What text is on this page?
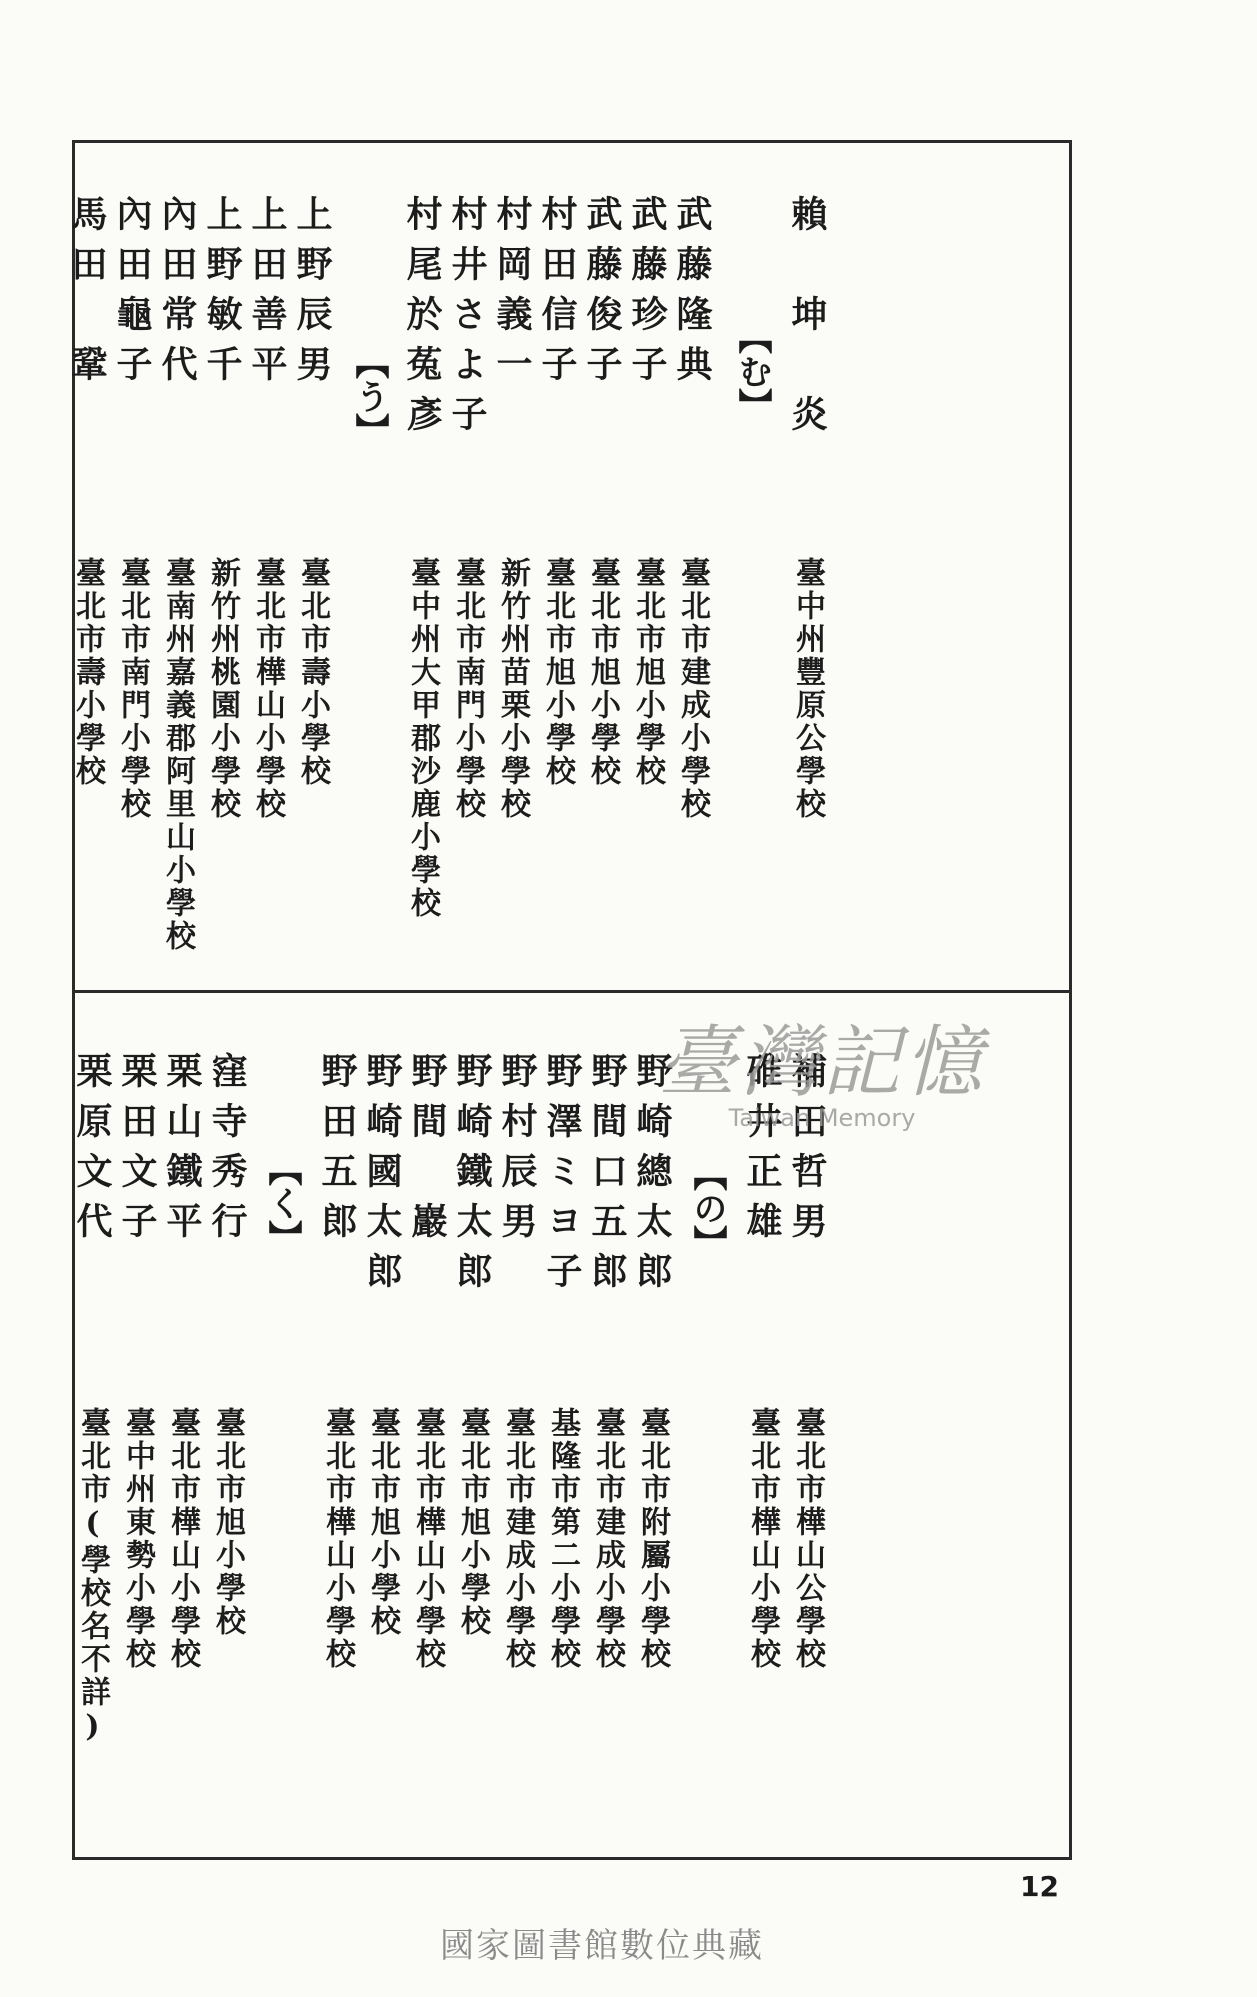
賴　坤　炎
臺中州豐原公學校
【む】
武藤隆典
臺北市建成小學校
武藤珍子
臺北市旭小學校
武藤俊子
臺北市旭小學校
村田信子
臺北市旭小學校
村岡義一
新竹州苗栗小學校
村井さよ子
臺北市南門小學校
村尾於菟彥
臺中州大甲郡沙鹿小學校
【う】
上野辰男
臺北市壽小學校
上田善平
臺北市樺山小學校
上野敏千
新竹州桃園小學校
內田常代
臺南州嘉義郡阿里山小學校
內田龜子
臺北市南門小學校
馬田　鞏
臺北市壽小學校
補田哲男
臺北市樺山公學校
碓井正雄
臺北市樺山小學校
【の】
野崎總太郎
臺北市附屬小學校
野間口五郎
臺北市建成小學校
野澤ミヨ子
基隆市第二小學校
野村辰男
臺北市建成小學校
野崎鐵太郎
臺北市旭小學校
野間　巖
臺北市樺山小學校
野崎國太郎
臺北市旭小學校
野田五郎
臺北市樺山小學校
【く】
窪寺秀行
臺北市旭小學校
栗山鐵平
臺北市樺山小學校
栗田文子
臺中州東勢小學校
栗原文代
臺北市(學校名不詳)
臺灣記憶
Taiwan Memory
12
國家圖書館數位典藏
